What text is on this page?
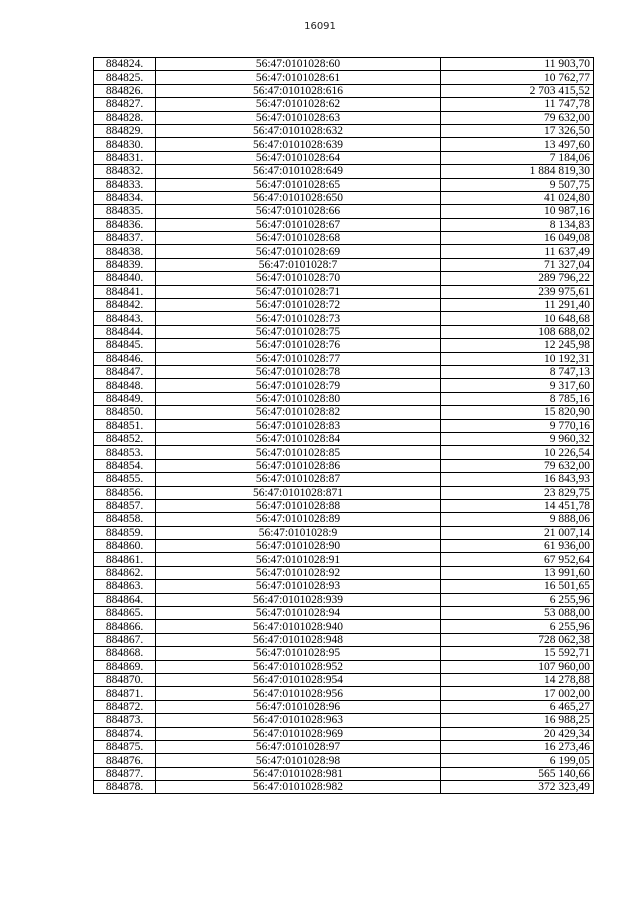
16091
884824.	56:47:0101028:60	11 903,70
884825.	56:47:0101028:61	10 762,77
884826.	56:47:0101028:616	2 703 415,52
884827.	56:47:0101028:62	11 747,78
884828.	56:47:0101028:63	79 632,00
884829.	56:47:0101028:632	17 326,50
884830.	56:47:0101028:639	13 497,60
884831.	56:47:0101028:64	7 184,06
884832.	56:47:0101028:649	1 884 819,30
884833.	56:47:0101028:65	9 507,75
884834.	56:47:0101028:650	41 024,80
884835.	56:47:0101028:66	10 987,16
884836.	56:47:0101028:67	8 134,83
884837.	56:47:0101028:68	16 049,08
884838.	56:47:0101028:69	11 637,49
884839.	56:47:0101028:7	71 327,04
884840.	56:47:0101028:70	289 796,22
884841.	56:47:0101028:71	239 975,61
884842.	56:47:0101028:72	11 291,40
884843.	56:47:0101028:73	10 648,68
884844.	56:47:0101028:75	108 688,02
884845.	56:47:0101028:76	12 245,98
884846.	56:47:0101028:77	10 192,31
884847.	56:47:0101028:78	8 747,13
884848.	56:47:0101028:79	9 317,60
884849.	56:47:0101028:80	8 785,16
884850.	56:47:0101028:82	15 820,90
884851.	56:47:0101028:83	9 770,16
884852.	56:47:0101028:84	9 960,32
884853.	56:47:0101028:85	10 226,54
884854.	56:47:0101028:86	79 632,00
884855.	56:47:0101028:87	16 843,93
884856.	56:47:0101028:871	23 829,75
884857.	56:47:0101028:88	14 451,78
884858.	56:47:0101028:89	9 888,06
884859.	56:47:0101028:9	21 007,14
884860.	56:47:0101028:90	61 936,00
884861.	56:47:0101028:91	67 952,64
884862.	56:47:0101028:92	13 991,60
884863.	56:47:0101028:93	16 501,65
884864.	56:47:0101028:939	6 255,96
884865.	56:47:0101028:94	53 088,00
884866.	56:47:0101028:940	6 255,96
884867.	56:47:0101028:948	728 062,38
884868.	56:47:0101028:95	15 592,71
884869.	56:47:0101028:952	107 960,00
884870.	56:47:0101028:954	14 278,88
884871.	56:47:0101028:956	17 002,00
884872.	56:47:0101028:96	6 465,27
884873.	56:47:0101028:963	16 988,25
884874.	56:47:0101028:969	20 429,34
884875.	56:47:0101028:97	16 273,46
884876.	56:47:0101028:98	6 199,05
884877.	56:47:0101028:981	565 140,66
884878.	56:47:0101028:982	372 323,49
